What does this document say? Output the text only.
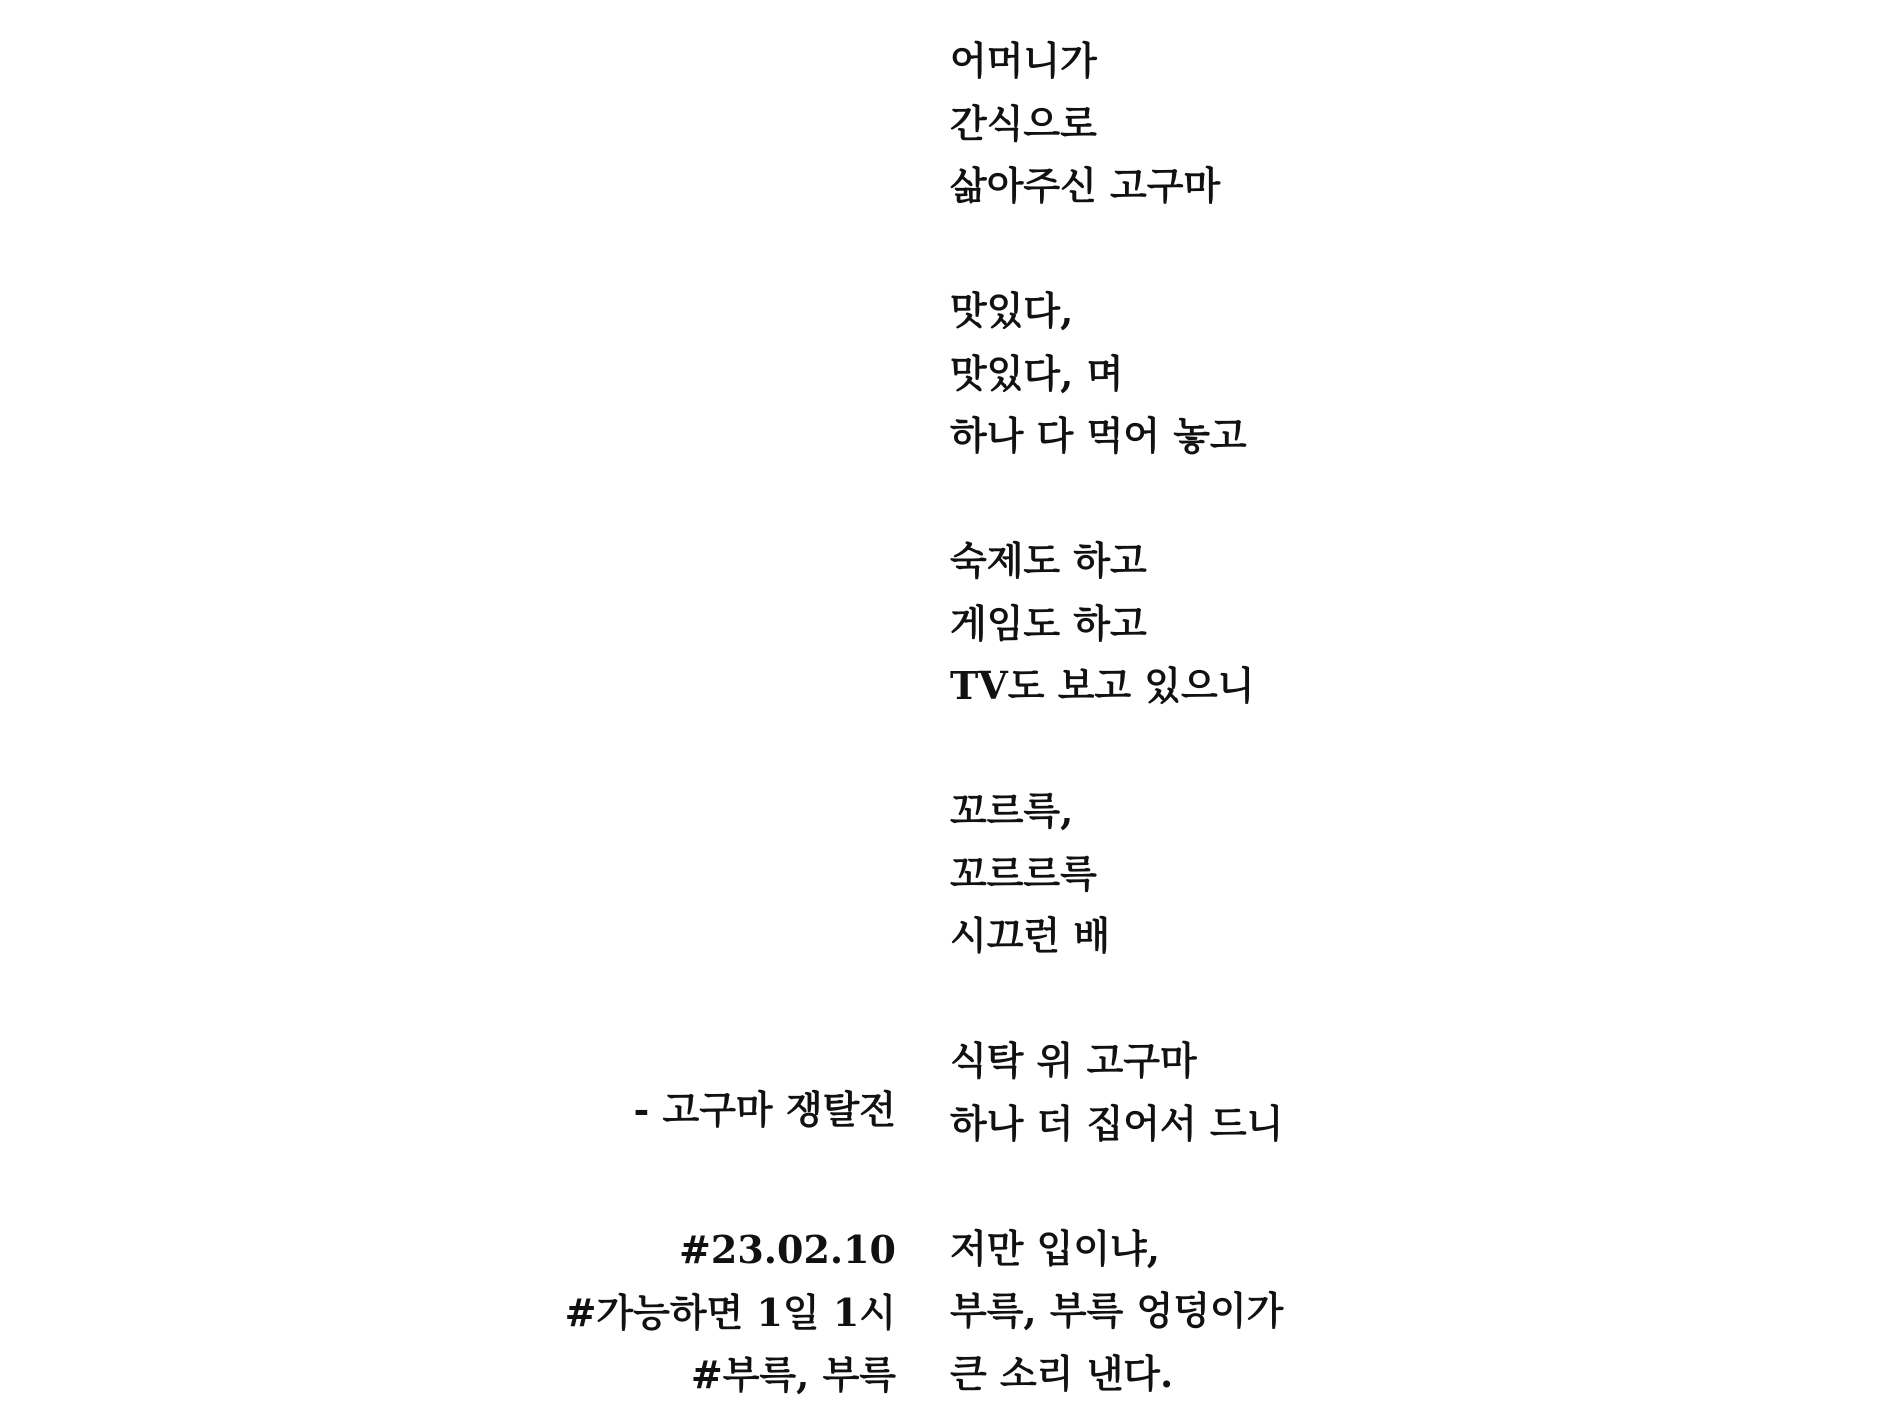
어머니가
간식으로
삶아주신 고구마
맛있다,
맛있다, 며
하나 다 먹어 놓고
숙제도 하고
게임도 하고
TV도 보고 있으니
꼬르륵,
꼬르르륵
시끄런 배
식탁 위 고구마
하나 더 집어서 드니
저만 입이냐,
부륵, 부륵 엉덩이가
큰 소리 낸다.
- 고구마 쟁탈전
#23.02.10
#가능하면 1일 1시
#부륵, 부륵
